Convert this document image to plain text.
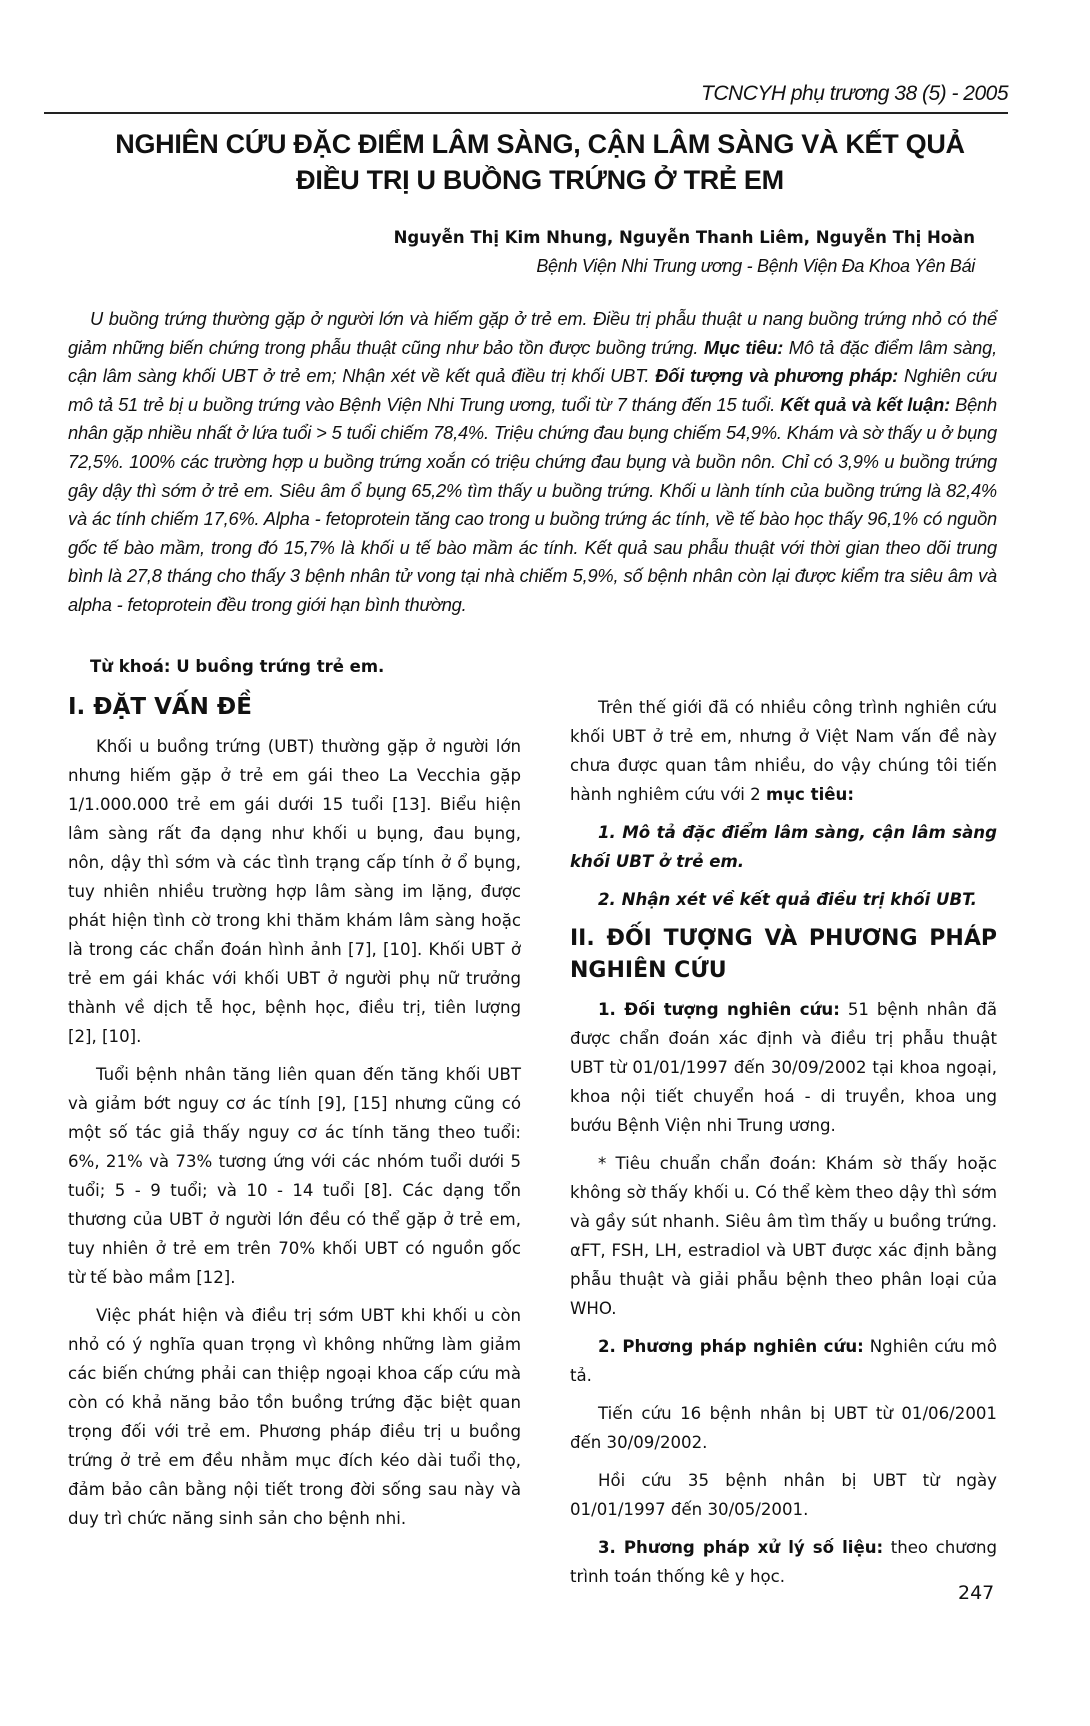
TCNCYH phụ trương 38 (5) - 2005
NGHIÊN CỨU ĐẶC ĐIỂM LÂM SÀNG, CẬN LÂM SÀNG VÀ KẾT QUẢ
ĐIỀU TRỊ U BUỒNG TRỨNG Ở TRẺ EM
Nguyễn Thị Kim Nhung, Nguyễn Thanh Liêm, Nguyễn Thị Hoàn
Bệnh Viện Nhi Trung ương - Bệnh Viện Đa Khoa Yên Bái
U buồng trứng thường gặp ở người lớn và hiếm gặp ở trẻ em. Điều trị phẫu thuật u nang buồng trứng nhỏ có thể giảm những biến chứng trong phẫu thuật cũng như bảo tồn được buồng trứng. Mục tiêu: Mô tả đặc điểm lâm sàng, cận lâm sàng khối UBT ở trẻ em; Nhận xét về kết quả điều trị khối UBT. Đối tượng và phương pháp: Nghiên cứu mô tả 51 trẻ bị u buồng trứng vào Bệnh Viện Nhi Trung ương, tuổi từ 7 tháng đến 15 tuổi. Kết quả và kết luận: Bệnh nhân gặp nhiều nhất ở lứa tuổi > 5 tuổi chiếm 78,4%. Triệu chứng đau bụng chiếm 54,9%. Khám và sờ thấy u ở bụng 72,5%. 100% các trường hợp u buồng trứng xoắn có triệu chứng đau bụng và buồn nôn. Chỉ có 3,9% u buồng trứng gây dậy thì sớm ở trẻ em. Siêu âm ổ bụng 65,2% tìm thấy u buồng trứng. Khối u lành tính của buồng trứng là 82,4% và ác tính chiếm 17,6%. Alpha - fetoprotein tăng cao trong u buồng trứng ác tính, về tế bào học thấy 96,1% có nguồn gốc tế bào mầm, trong đó 15,7% là khối u tế bào mầm ác tính. Kết quả sau phẫu thuật với thời gian theo dõi trung bình là 27,8 tháng cho thấy 3 bệnh nhân tử vong tại nhà chiếm 5,9%, số bệnh nhân còn lại được kiểm tra siêu âm và alpha - fetoprotein đều trong giới hạn bình thường.
Từ khoá: U buồng trứng trẻ em.
I. ĐẶT VẤN ĐỀ

Khối u buồng trứng (UBT) thường gặp ở người lớn nhưng hiếm gặp ở trẻ em gái theo La Vecchia gặp 1/1.000.000 trẻ em gái dưới 15 tuổi [13]. Biểu hiện lâm sàng rất đa dạng như khối u bụng, đau bụng, nôn, dậy thì sớm và các tình trạng cấp tính ở ổ bụng, tuy nhiên nhiều trường hợp lâm sàng im lặng, được phát hiện tình cờ trong khi thăm khám lâm sàng hoặc là trong các chẩn đoán hình ảnh [7], [10]. Khối UBT ở trẻ em gái khác với khối UBT ở người phụ nữ trưởng thành về dịch tễ học, bệnh học, điều trị, tiên lượng [2], [10].

Tuổi bệnh nhân tăng liên quan đến tăng khối UBT và giảm bớt nguy cơ ác tính [9], [15] nhưng cũng có một số tác giả thấy nguy cơ ác tính tăng theo tuổi: 6%, 21% và 73% tương ứng với các nhóm tuổi dưới 5 tuổi; 5 - 9 tuổi; và 10 - 14 tuổi [8]. Các dạng tổn thương của UBT ở người lớn đều có thể gặp ở trẻ em, tuy nhiên ở trẻ em trên 70% khối UBT có nguồn gốc từ tế bào mầm [12].

Việc phát hiện và điều trị sớm UBT khi khối u còn nhỏ có ý nghĩa quan trọng vì không những làm giảm các biến chứng phải can thiệp ngoại khoa cấp cứu mà còn có khả năng bảo tồn buồng trứng đặc biệt quan trọng đối với trẻ em. Phương pháp điều trị u buồng trứng ở trẻ em đều nhằm mục đích kéo dài tuổi thọ, đảm bảo cân bằng nội tiết trong đời sống sau này và duy trì chức năng sinh sản cho bệnh nhi.

Trên thế giới đã có nhiều công trình nghiên cứu khối UBT ở trẻ em, nhưng ở Việt Nam vấn đề này chưa được quan tâm nhiều, do vậy chúng tôi tiến hành nghiêm cứu với 2 mục tiêu:

1. Mô tả đặc điểm lâm sàng, cận lâm sàng khối UBT ở trẻ em.
2. Nhận xét về kết quả điều trị khối UBT.
II. ĐỐI TƯỢNG VÀ PHƯƠNG PHÁP NGHIÊN CỨU

1. Đối tượng nghiên cứu: 51 bệnh nhân đã được chẩn đoán xác định và điều trị phẫu thuật UBT từ 01/01/1997 đến 30/09/2002 tại khoa ngoại, khoa nội tiết chuyển hoá - di truyền, khoa ung bướu Bệnh Viện nhi Trung ương.

* Tiêu chuẩn chẩn đoán: Khám sờ thấy hoặc không sờ thấy khối u. Có thể kèm theo dậy thì sớm và gầy sút nhanh. Siêu âm tìm thấy u buồng trứng. αFT, FSH, LH, estradiol và UBT được xác định bằng phẫu thuật và giải phẫu bệnh theo phân loại của WHO.

2. Phương pháp nghiên cứu: Nghiên cứu mô tả.

Tiến cứu 16 bệnh nhân bị UBT từ 01/06/2001 đến 30/09/2002.

Hồi cứu 35 bệnh nhân bị UBT từ ngày 01/01/1997 đến 30/05/2001.

3. Phương pháp xử lý số liệu: theo chương trình toán thống kê y học.

247
